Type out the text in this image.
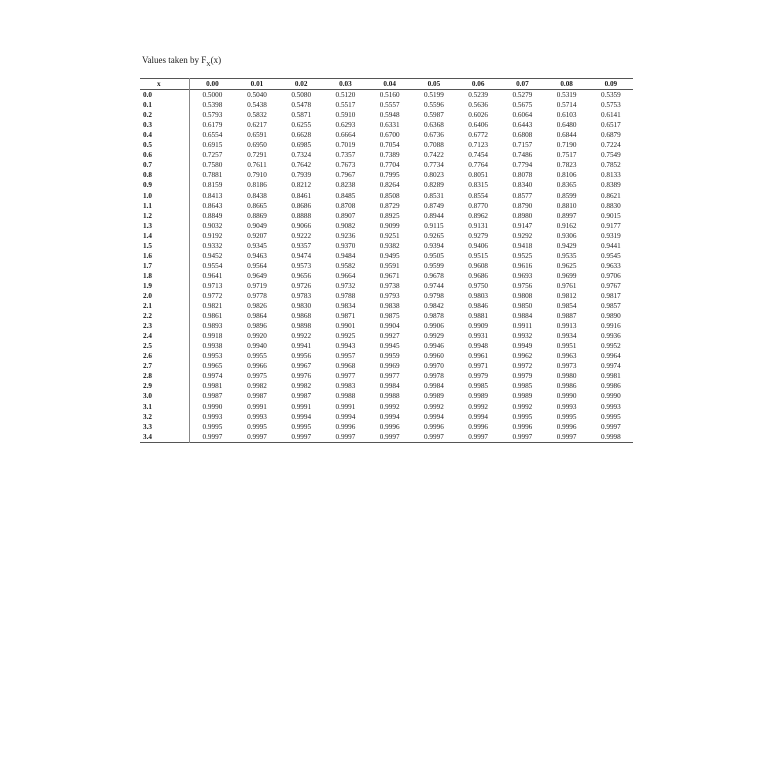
Values taken by $F_X(x)$
x	0.00	0.01	0.02	0.03	0.04	0.05	0.06	0.07	0.08	0.09
0.0	0.5000	0.5040	0.5080	0.5120	0.5160	0.5199	0.5239	0.5279	0.5319	0.5359
0.1	0.5398	0.5438	0.5478	0.5517	0.5557	0.5596	0.5636	0.5675	0.5714	0.5753
0.2	0.5793	0.5832	0.5871	0.5910	0.5948	0.5987	0.6026	0.6064	0.6103	0.6141
0.3	0.6179	0.6217	0.6255	0.6293	0.6331	0.6368	0.6406	0.6443	0.6480	0.6517
0.4	0.6554	0.6591	0.6628	0.6664	0.6700	0.6736	0.6772	0.6808	0.6844	0.6879
0.5	0.6915	0.6950	0.6985	0.7019	0.7054	0.7088	0.7123	0.7157	0.7190	0.7224
0.6	0.7257	0.7291	0.7324	0.7357	0.7389	0.7422	0.7454	0.7486	0.7517	0.7549
0.7	0.7580	0.7611	0.7642	0.7673	0.7704	0.7734	0.7764	0.7794	0.7823	0.7852
0.8	0.7881	0.7910	0.7939	0.7967	0.7995	0.8023	0.8051	0.8078	0.8106	0.8133
0.9	0.8159	0.8186	0.8212	0.8238	0.8264	0.8289	0.8315	0.8340	0.8365	0.8389
1.0	0.8413	0.8438	0.8461	0.8485	0.8508	0.8531	0.8554	0.8577	0.8599	0.8621
1.1	0.8643	0.8665	0.8686	0.8708	0.8729	0.8749	0.8770	0.8790	0.8810	0.8830
1.2	0.8849	0.8869	0.8888	0.8907	0.8925	0.8944	0.8962	0.8980	0.8997	0.9015
1.3	0.9032	0.9049	0.9066	0.9082	0.9099	0.9115	0.9131	0.9147	0.9162	0.9177
1.4	0.9192	0.9207	0.9222	0.9236	0.9251	0.9265	0.9279	0.9292	0.9306	0.9319
1.5	0.9332	0.9345	0.9357	0.9370	0.9382	0.9394	0.9406	0.9418	0.9429	0.9441
1.6	0.9452	0.9463	0.9474	0.9484	0.9495	0.9505	0.9515	0.9525	0.9535	0.9545
1.7	0.9554	0.9564	0.9573	0.9582	0.9591	0.9599	0.9608	0.9616	0.9625	0.9633
1.8	0.9641	0.9649	0.9656	0.9664	0.9671	0.9678	0.9686	0.9693	0.9699	0.9706
1.9	0.9713	0.9719	0.9726	0.9732	0.9738	0.9744	0.9750	0.9756	0.9761	0.9767
2.0	0.9772	0.9778	0.9783	0.9788	0.9793	0.9798	0.9803	0.9808	0.9812	0.9817
2.1	0.9821	0.9826	0.9830	0.9834	0.9838	0.9842	0.9846	0.9850	0.9854	0.9857
2.2	0.9861	0.9864	0.9868	0.9871	0.9875	0.9878	0.9881	0.9884	0.9887	0.9890
2.3	0.9893	0.9896	0.9898	0.9901	0.9904	0.9906	0.9909	0.9911	0.9913	0.9916
2.4	0.9918	0.9920	0.9922	0.9925	0.9927	0.9929	0.9931	0.9932	0.9934	0.9936
2.5	0.9938	0.9940	0.9941	0.9943	0.9945	0.9946	0.9948	0.9949	0.9951	0.9952
2.6	0.9953	0.9955	0.9956	0.9957	0.9959	0.9960	0.9961	0.9962	0.9963	0.9964
2.7	0.9965	0.9966	0.9967	0.9968	0.9969	0.9970	0.9971	0.9972	0.9973	0.9974
2.8	0.9974	0.9975	0.9976	0.9977	0.9977	0.9978	0.9979	0.9979	0.9980	0.9981
2.9	0.9981	0.9982	0.9982	0.9983	0.9984	0.9984	0.9985	0.9985	0.9986	0.9986
3.0	0.9987	0.9987	0.9987	0.9988	0.9988	0.9989	0.9989	0.9989	0.9990	0.9990
3.1	0.9990	0.9991	0.9991	0.9991	0.9992	0.9992	0.9992	0.9992	0.9993	0.9993
3.2	0.9993	0.9993	0.9994	0.9994	0.9994	0.9994	0.9994	0.9995	0.9995	0.9995
3.3	0.9995	0.9995	0.9995	0.9996	0.9996	0.9996	0.9996	0.9996	0.9996	0.9997
3.4	0.9997	0.9997	0.9997	0.9997	0.9997	0.9997	0.9997	0.9997	0.9997	0.9998
